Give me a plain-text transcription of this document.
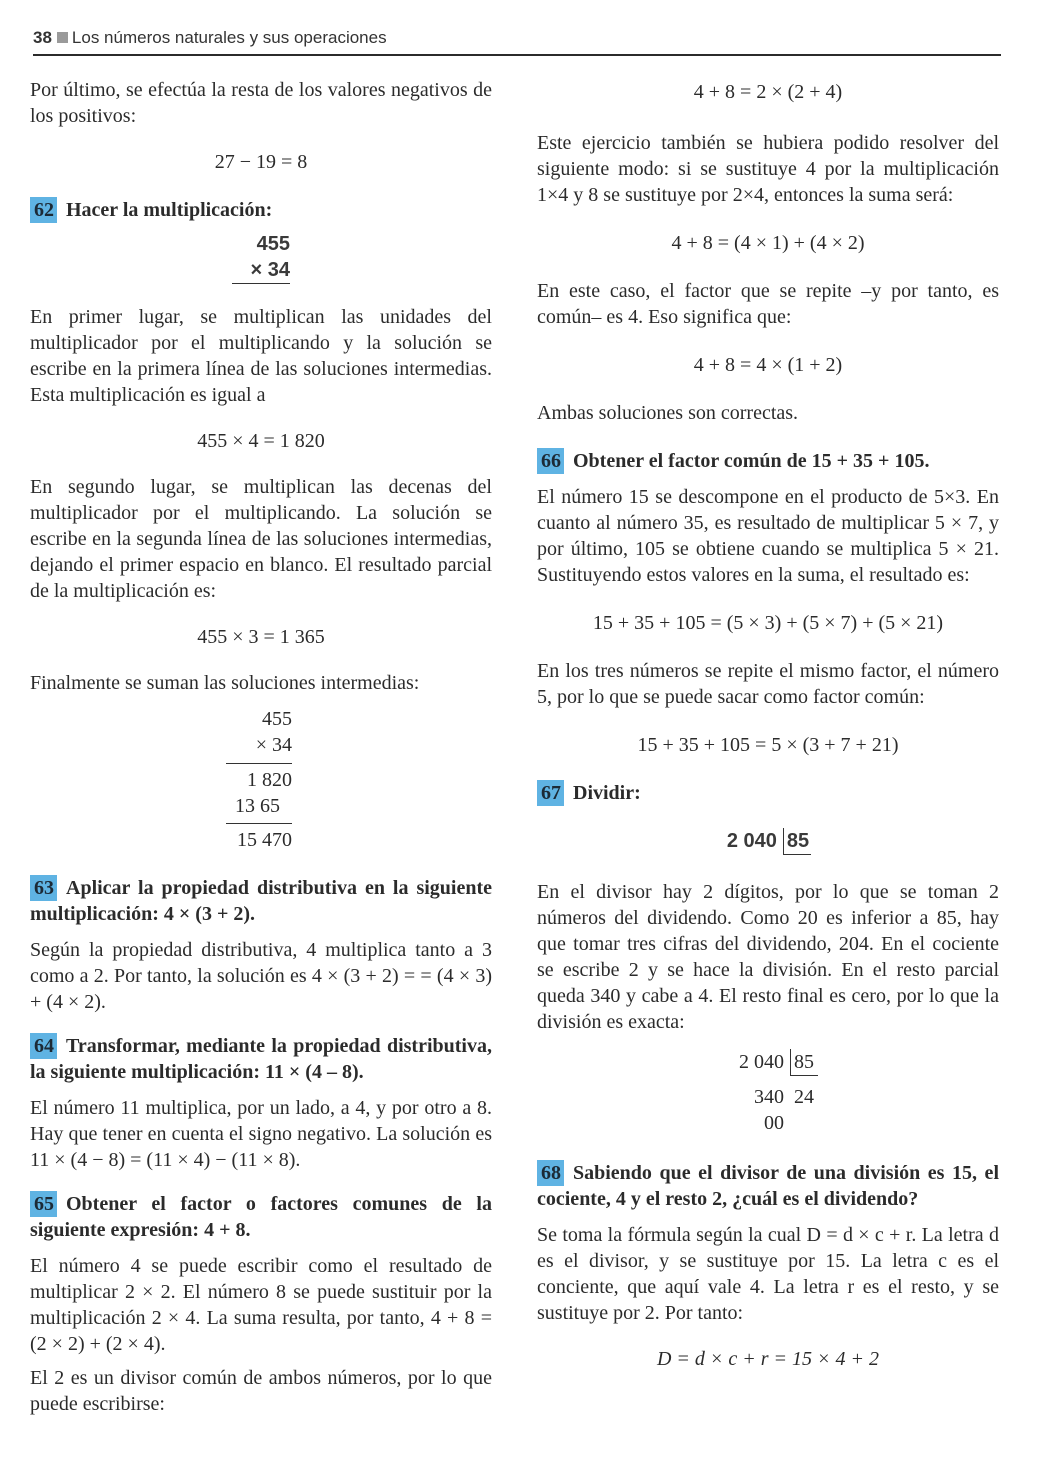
38 Los números naturales y sus operaciones

Por último, se efectúa la resta de los valores negativos de los positivos:

27 − 19 = 8
62 Hacer la multiplicación:
455
× 34

En primer lugar, se multiplican las unidades del multiplicador por el multiplicando y la solución se escribe en la primera línea de las soluciones intermedias. Esta multiplicación es igual a

455 × 4 = 1 820

En segundo lugar, se multiplican las decenas del multiplicador por el multiplicando. La solución se escribe en la segunda línea de las soluciones intermedias, dejando el primer espacio en blanco. El resultado parcial de la multiplicación es:

455 × 3 = 1 365

Finalmente se suman las soluciones intermedias:

455
× 34
1 820
13 65
15 470
63 Aplicar la propiedad distributiva en la siguiente multiplicación: 4 × (3 + 2).

Según la propiedad distributiva, 4 multiplica tanto a 3 como a 2. Por tanto, la solución es 4 × (3 + 2) = = (4 × 3) + (4 × 2).

64 Transformar, mediante la propiedad distributiva, la siguiente multiplicación: 11 × (4 – 8).

El número 11 multiplica, por un lado, a 4, y por otro a 8. Hay que tener en cuenta el signo negativo. La solución es 11 × (4 − 8) = (11 × 4) − (11 × 8).

65 Obtener el factor o factores comunes de la siguiente expresión: 4 + 8.

El número 4 se puede escribir como el resultado de multiplicar 2 × 2. El número 8 se puede sustituir por la multiplicación 2 × 4. La suma resulta, por tanto, 4 + 8 = (2 × 2) + (2 × 4).

El 2 es un divisor común de ambos números, por lo que puede escribirse:

4 + 8 = 2 × (2 + 4)

Este ejercicio también se hubiera podido resolver del siguiente modo: si se sustituye 4 por la multiplicación 1×4 y 8 se sustituye por 2×4, entonces la suma será:

4 + 8 = (4 × 1) + (4 × 2)

En este caso, el factor que se repite –y por tanto, es común– es 4. Eso significa que:

4 + 8 = 4 × (1 + 2)

Ambas soluciones son correctas.

66 Obtener el factor común de 15 + 35 + 105.

El número 15 se descompone en el producto de 5×3. En cuanto al número 35, es resultado de multiplicar 5 × 7, y por último, 105 se obtiene cuando se multiplica 5 × 21. Sustituyendo estos valores en la suma, el resultado es:

15 + 35 + 105 = (5 × 3) + (5 × 7) + (5 × 21)

En los tres números se repite el mismo factor, el número 5, por lo que se puede sacar como factor común:

15 + 35 + 105 = 5 × (3 + 7 + 21)
67 Dividir:
2 040 85

En el divisor hay 2 dígitos, por lo que se toman 2 números del dividendo. Como 20 es inferior a 85, hay que tomar tres cifras del dividendo, 204. En el cociente se escribe 2 y se hace la división. En el resto parcial queda 340 y cabe a 4. El resto final es cero, por lo que la división es exacta:

2 040 85
340 24
00
68 Sabiendo que el divisor de una división es 15, el cociente, 4 y el resto 2, ¿cuál es el dividendo?

Se toma la fórmula según la cual D = d × c + r. La letra d es el divisor, y se sustituye por 15. La letra c es el conciente, que aquí vale 4. La letra r es el resto, y se sustituye por 2. Por tanto:

D = d × c + r = 15 × 4 + 2
